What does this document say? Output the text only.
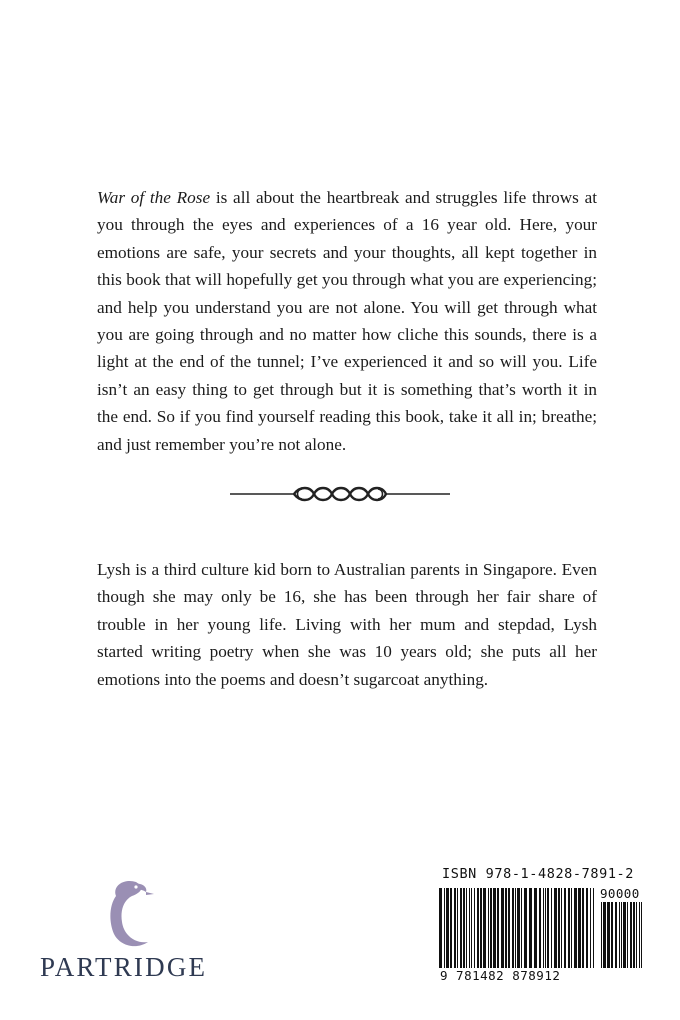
War of the Rose is all about the heartbreak and struggles life throws at you through the eyes and experiences of a 16 year old. Here, your emotions are safe, your secrets and your thoughts, all kept together in this book that will hopefully get you through what you are experiencing; and help you understand you are not alone. You will get through what you are going through and no matter how cliche this sounds, there is a light at the end of the tunnel; I’ve experienced it and so will you. Life isn’t an easy thing to get through but it is something that’s worth it in the end. So if you find yourself reading this book, take it all in; breathe; and just remember you’re not alone.

Lysh is a third culture kid born to Australian parents in Singapore. Even though she may only be 16, she has been through her fair share of trouble in her young life. Living with her mum and stepdad, Lysh started writing poetry when she was 10 years old; she puts all her emotions into the poems and doesn’t sugarcoat anything.

PARTRIDGE
ISBN 978-1-4828-7891-2
90000
9 781482 878912
